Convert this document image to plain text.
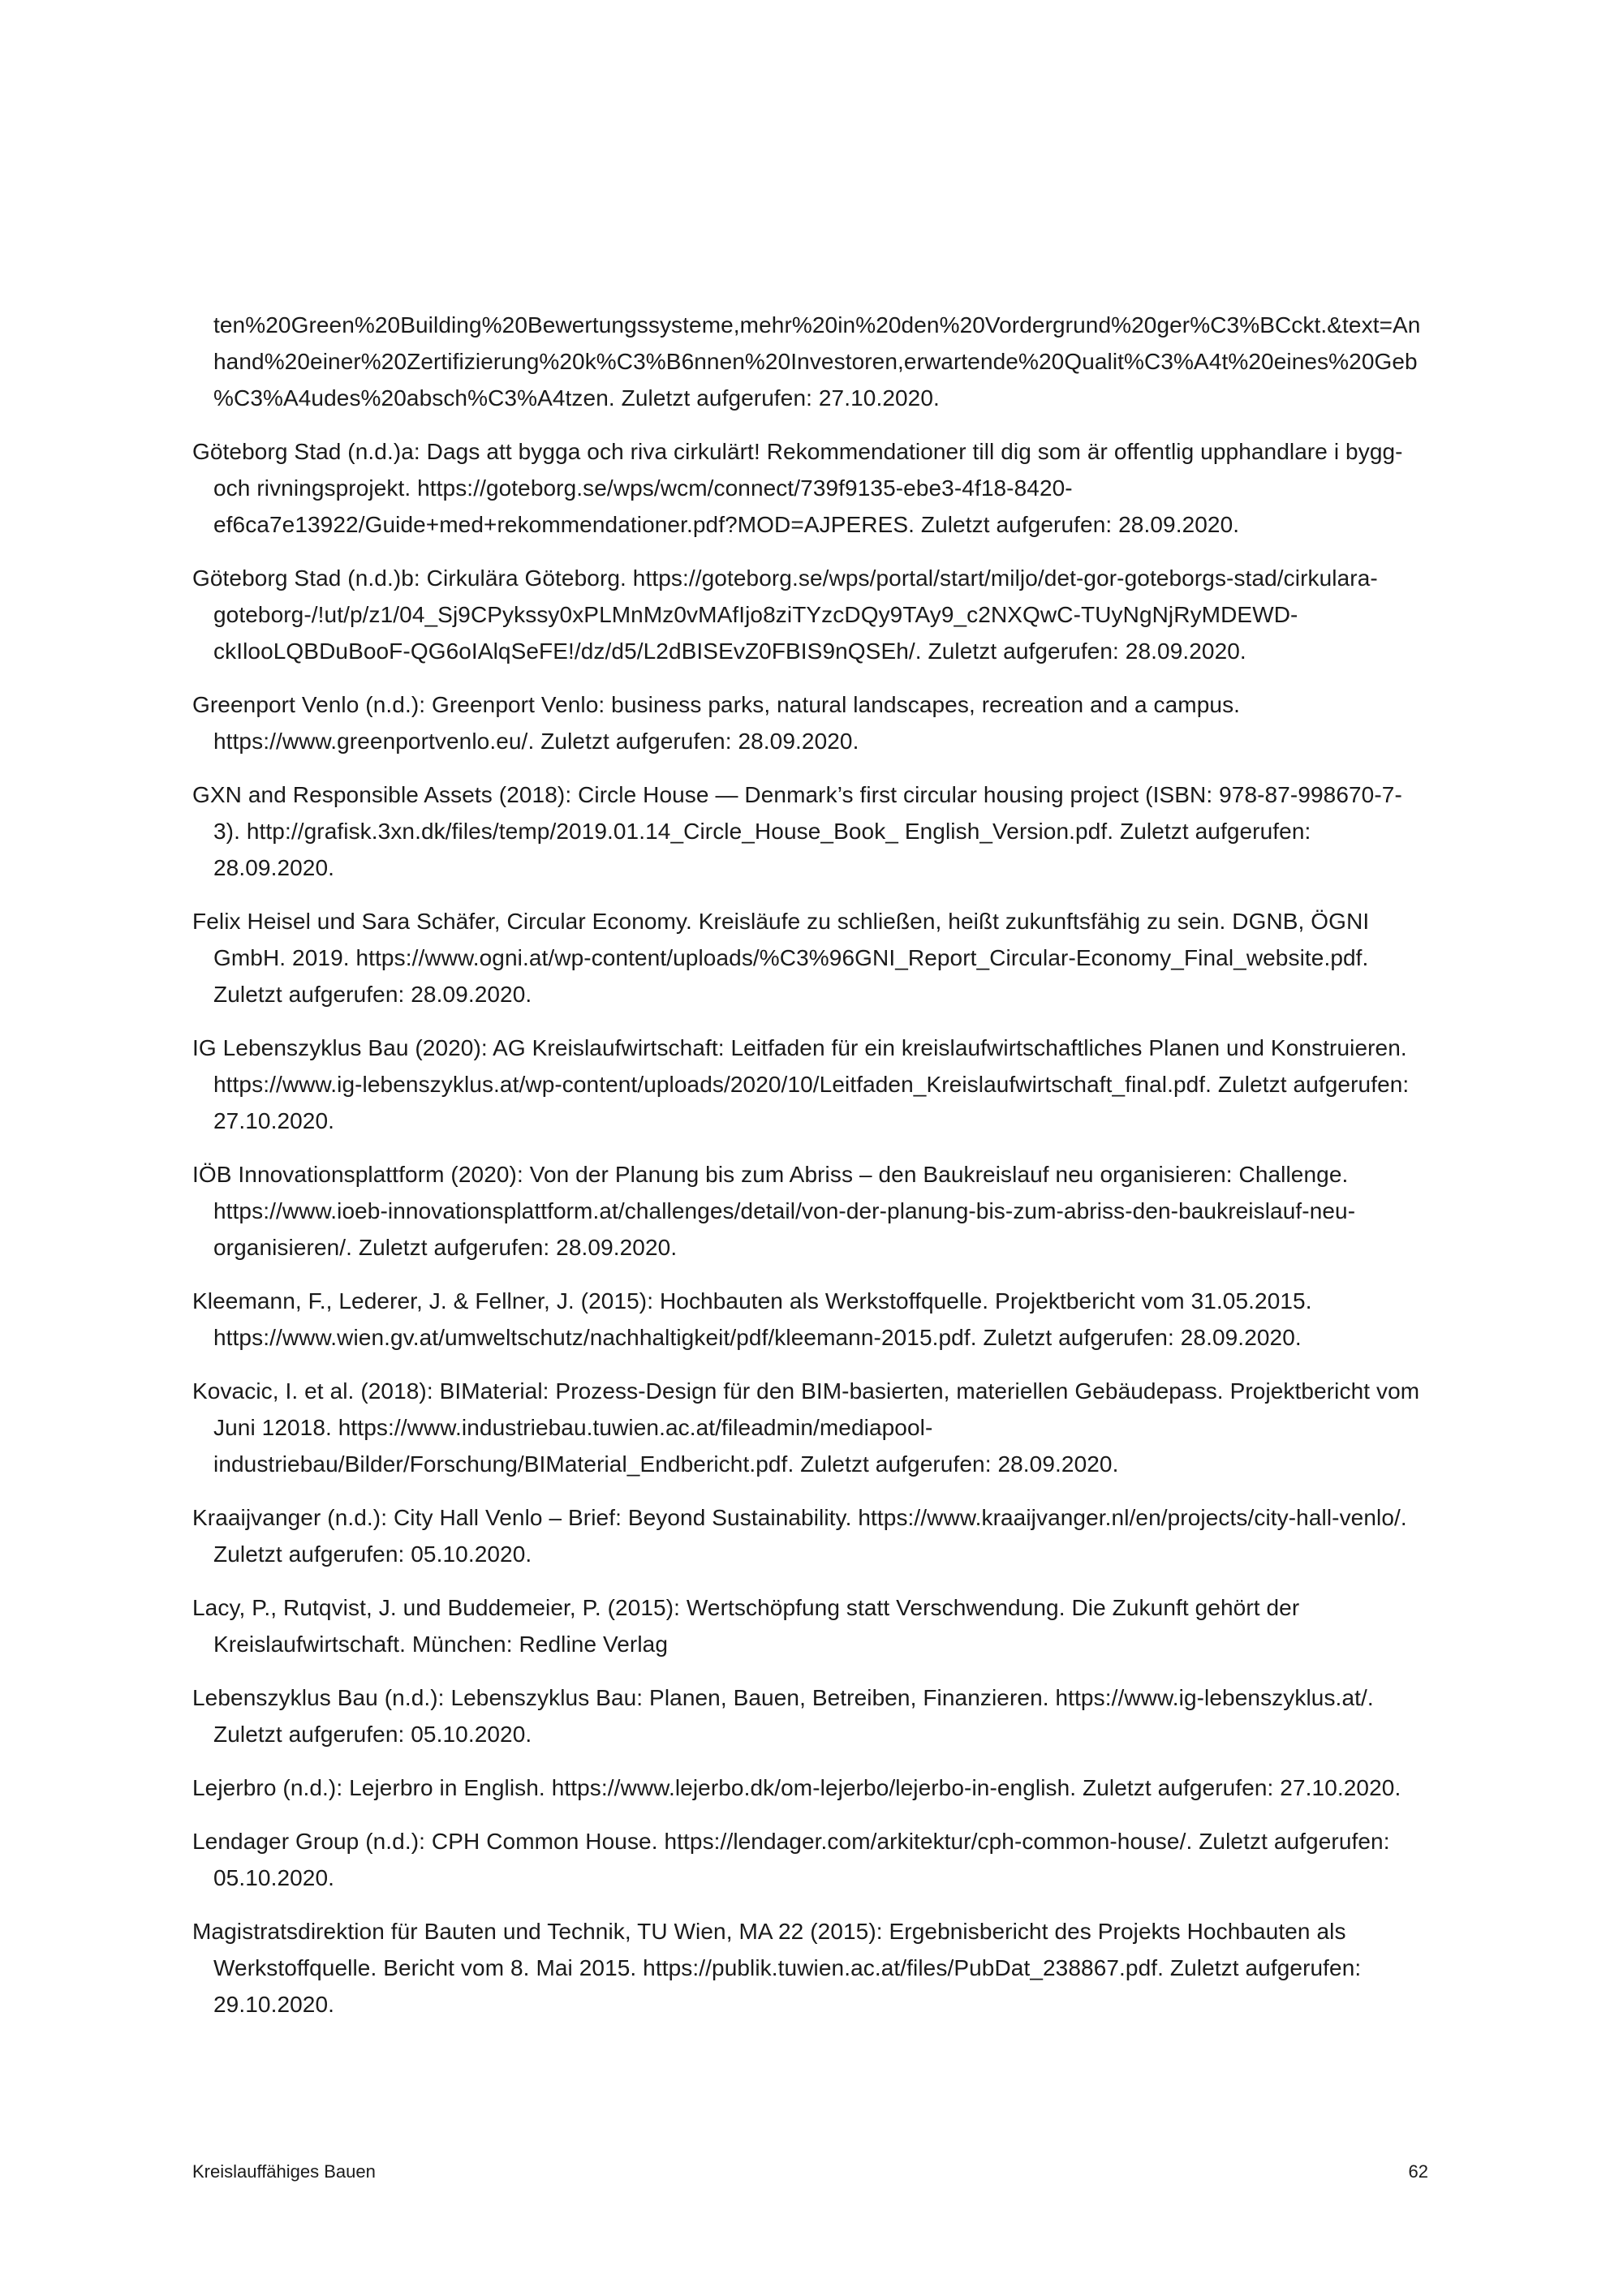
ten%20Green%20Building%20Bewertungssysteme,mehr%20in%20den%20Vordergrund%20ger%C3%BCckt.&text=Anhand%20einer%20Zertifizierung%20k%C3%B6nnen%20Investoren,erwartende%20Qualit%C3%A4t%20eines%20Geb%C3%A4udes%20absch%C3%A4tzen. Zuletzt aufgerufen: 27.10.2020.
Göteborg Stad (n.d.)a: Dags att bygga och riva cirkulärt! Rekommendationer till dig som är offentlig upphandlare i bygg- och rivningsprojekt. https://goteborg.se/wps/wcm/connect/739f9135-ebe3-4f18-8420-ef6ca7e13922/Guide+med+rekommendationer.pdf?MOD=AJPERES. Zuletzt aufgerufen: 28.09.2020.
Göteborg Stad (n.d.)b: Cirkulära Göteborg. https://goteborg.se/wps/portal/start/miljo/det-gor-goteborgs-stad/cirkulara-goteborg-/!ut/p/z1/04_Sj9CPykssy0xPLMnMz0vMAfIjo8ziTYzcDQy9TAy9_c2NXQwC-TUyNgNjRyMDEWD-ckIlooLQBDuBooF-QG6oIAlqSeFE!/dz/d5/L2dBISEvZ0FBIS9nQSEh/. Zuletzt aufgerufen: 28.09.2020.
Greenport Venlo (n.d.): Greenport Venlo: business parks, natural landscapes, recreation and a campus. https://www.greenportvenlo.eu/. Zuletzt aufgerufen: 28.09.2020.
GXN and Responsible Assets (2018): Circle House — Denmark’s first circular housing project (ISBN: 978-87-998670-7-3). http://grafisk.3xn.dk/files/temp/2019.01.14_Circle_House_Book_ English_Version.pdf. Zuletzt aufgerufen: 28.09.2020.
Felix Heisel und Sara Schäfer, Circular Economy. Kreisläufe zu schließen, heißt zukunftsfähig zu sein. DGNB, ÖGNI GmbH. 2019. https://www.ogni.at/wp-content/uploads/%C3%96GNI_Report_Circular-Economy_Final_website.pdf. Zuletzt aufgerufen: 28.09.2020.
IG Lebenszyklus Bau (2020): AG Kreislaufwirtschaft: Leitfaden für ein kreislaufwirtschaftliches Planen und Konstruieren. https://www.ig-lebenszyklus.at/wp-content/uploads/2020/10/Leitfaden_Kreislaufwirtschaft_final.pdf. Zuletzt aufgerufen: 27.10.2020.
IÖB Innovationsplattform (2020): Von der Planung bis zum Abriss – den Baukreislauf neu organisieren: Challenge. https://www.ioeb-innovationsplattform.at/challenges/detail/von-der-planung-bis-zum-abriss-den-baukreislauf-neu-organisieren/. Zuletzt aufgerufen: 28.09.2020.
Kleemann, F., Lederer, J. & Fellner, J. (2015): Hochbauten als Werkstoffquelle. Projektbericht vom 31.05.2015. https://www.wien.gv.at/umweltschutz/nachhaltigkeit/pdf/kleemann-2015.pdf. Zuletzt aufgerufen: 28.09.2020.
Kovacic, I. et al. (2018): BIMaterial: Prozess-Design für den BIM-basierten, materiellen Gebäudepass. Projektbericht vom Juni 12018. https://www.industriebau.tuwien.ac.at/fileadmin/mediapool-industriebau/Bilder/Forschung/BIMaterial_Endbericht.pdf. Zuletzt aufgerufen: 28.09.2020.
Kraaijvanger (n.d.): City Hall Venlo – Brief: Beyond Sustainability. https://www.kraaijvanger.nl/en/projects/city-hall-venlo/. Zuletzt aufgerufen: 05.10.2020.
Lacy, P., Rutqvist, J. und Buddemeier, P. (2015): Wertschöpfung statt Verschwendung. Die Zukunft gehört der Kreislaufwirtschaft. München: Redline Verlag
Lebenszyklus Bau (n.d.): Lebenszyklus Bau: Planen, Bauen, Betreiben, Finanzieren. https://www.ig-lebenszyklus.at/. Zuletzt aufgerufen: 05.10.2020.
Lejerbro (n.d.): Lejerbro in English. https://www.lejerbo.dk/om-lejerbo/lejerbo-in-english. Zuletzt aufgerufen: 27.10.2020.
Lendager Group (n.d.): CPH Common House. https://lendager.com/arkitektur/cph-common-house/. Zuletzt aufgerufen: 05.10.2020.
Magistratsdirektion für Bauten und Technik, TU Wien, MA 22 (2015): Ergebnisbericht des Projekts Hochbauten als Werkstoffquelle. Bericht vom 8. Mai 2015. https://publik.tuwien.ac.at/files/PubDat_238867.pdf. Zuletzt aufgerufen: 29.10.2020.
Kreislauffähiges Bauen	62
